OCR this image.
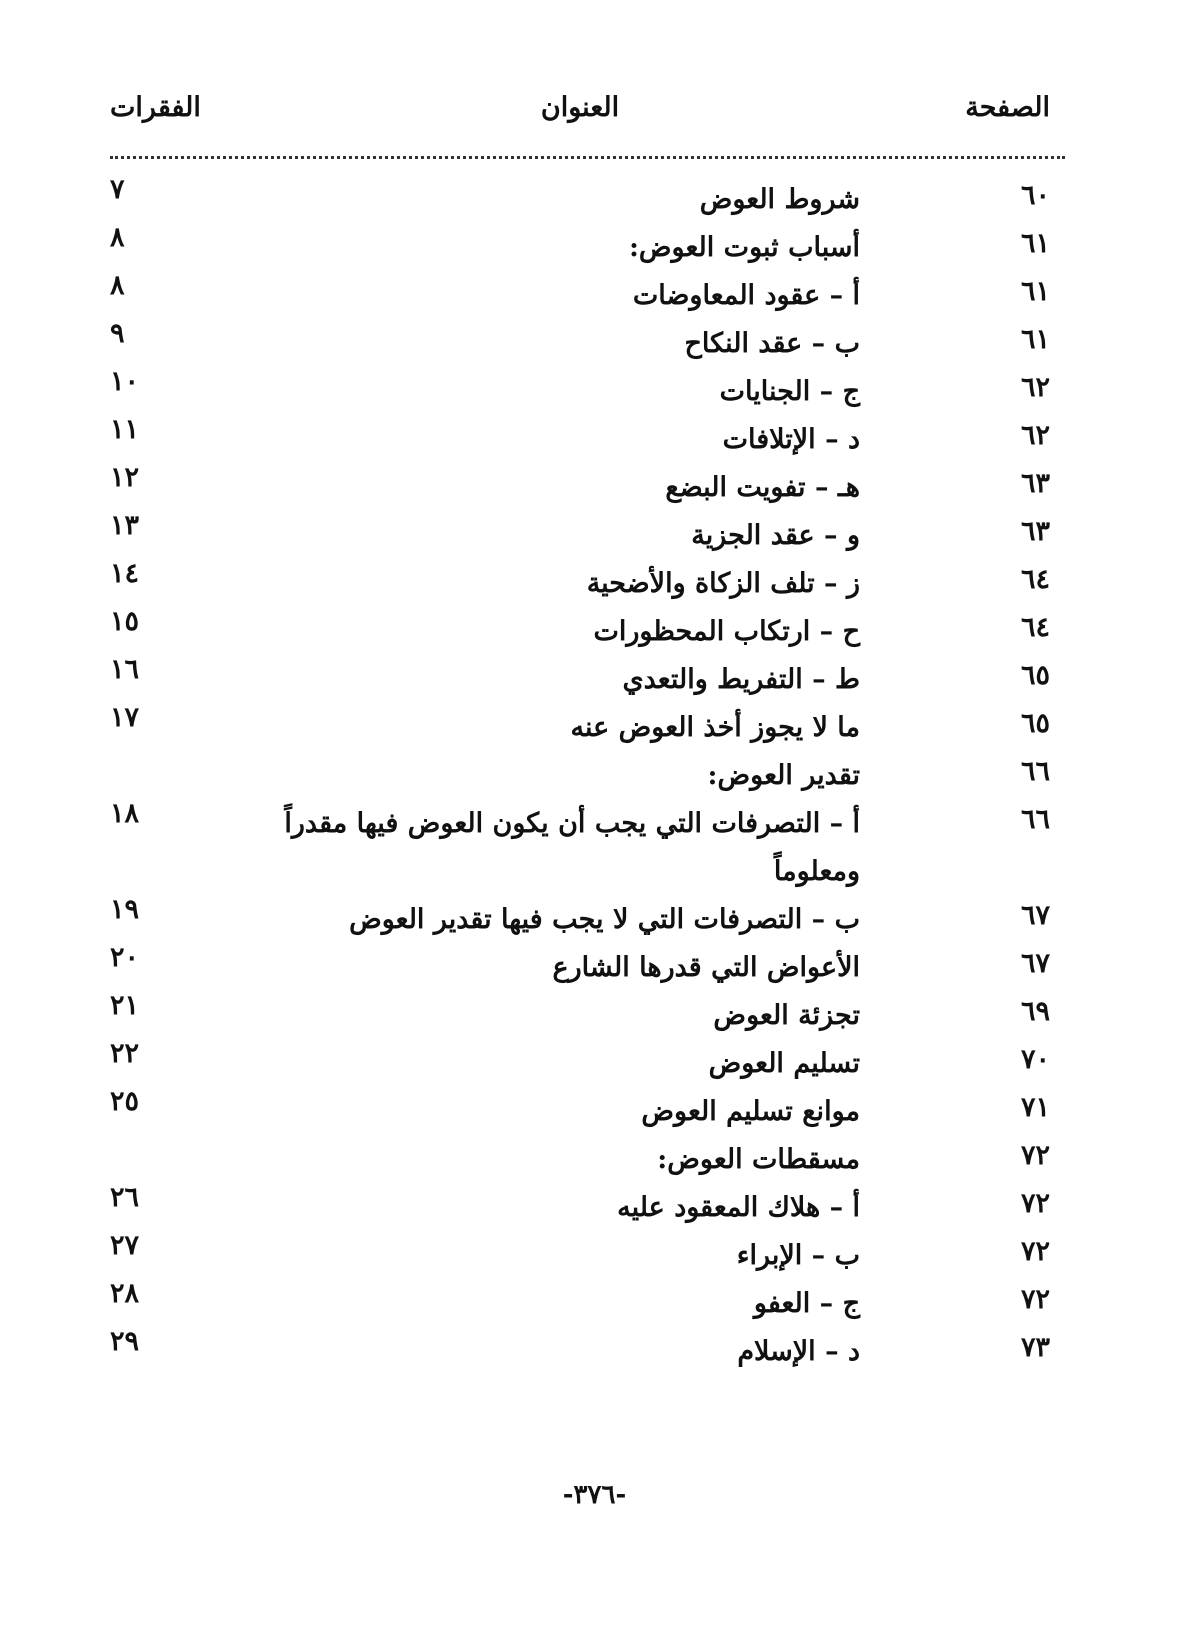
الصفحة
العنوان
الفقرات
٦٠
شروط العوض
٧
٦١
أسباب ثبوت العوض:
٨
٦١
أ – عقود المعاوضات
٨
٦١
ب – عقد النكاح
٩
٦٢
ج – الجنايات
١٠
٦٢
د – الإتلافات
١١
٦٣
هـ – تفويت البضع
١٢
٦٣
و – عقد الجزية
١٣
٦٤
ز – تلف الزكاة والأضحية
١٤
٦٤
ح – ارتكاب المحظورات
١٥
٦٥
ط – التفريط والتعدي
١٦
٦٥
ما لا يجوز أخذ العوض عنه
١٧
٦٦
تقدير العوض:
٦٦
أ – التصرفات التي يجب أن يكون العوض فيها مقدراً ومعلوماً
١٨
٦٧
ب – التصرفات التي لا يجب فيها تقدير العوض
١٩
٦٧
الأعواض التي قدرها الشارع
٢٠
٦٩
تجزئة العوض
٢١
٧٠
تسليم العوض
٢٢
٧١
موانع تسليم العوض
٢٥
٧٢
مسقطات العوض:
٧٢
أ – هلاك المعقود عليه
٢٦
٧٢
ب – الإبراء
٢٧
٧٢
ج – العفو
٢٨
٧٣
د – الإسلام
٢٩
-٣٧٦-
